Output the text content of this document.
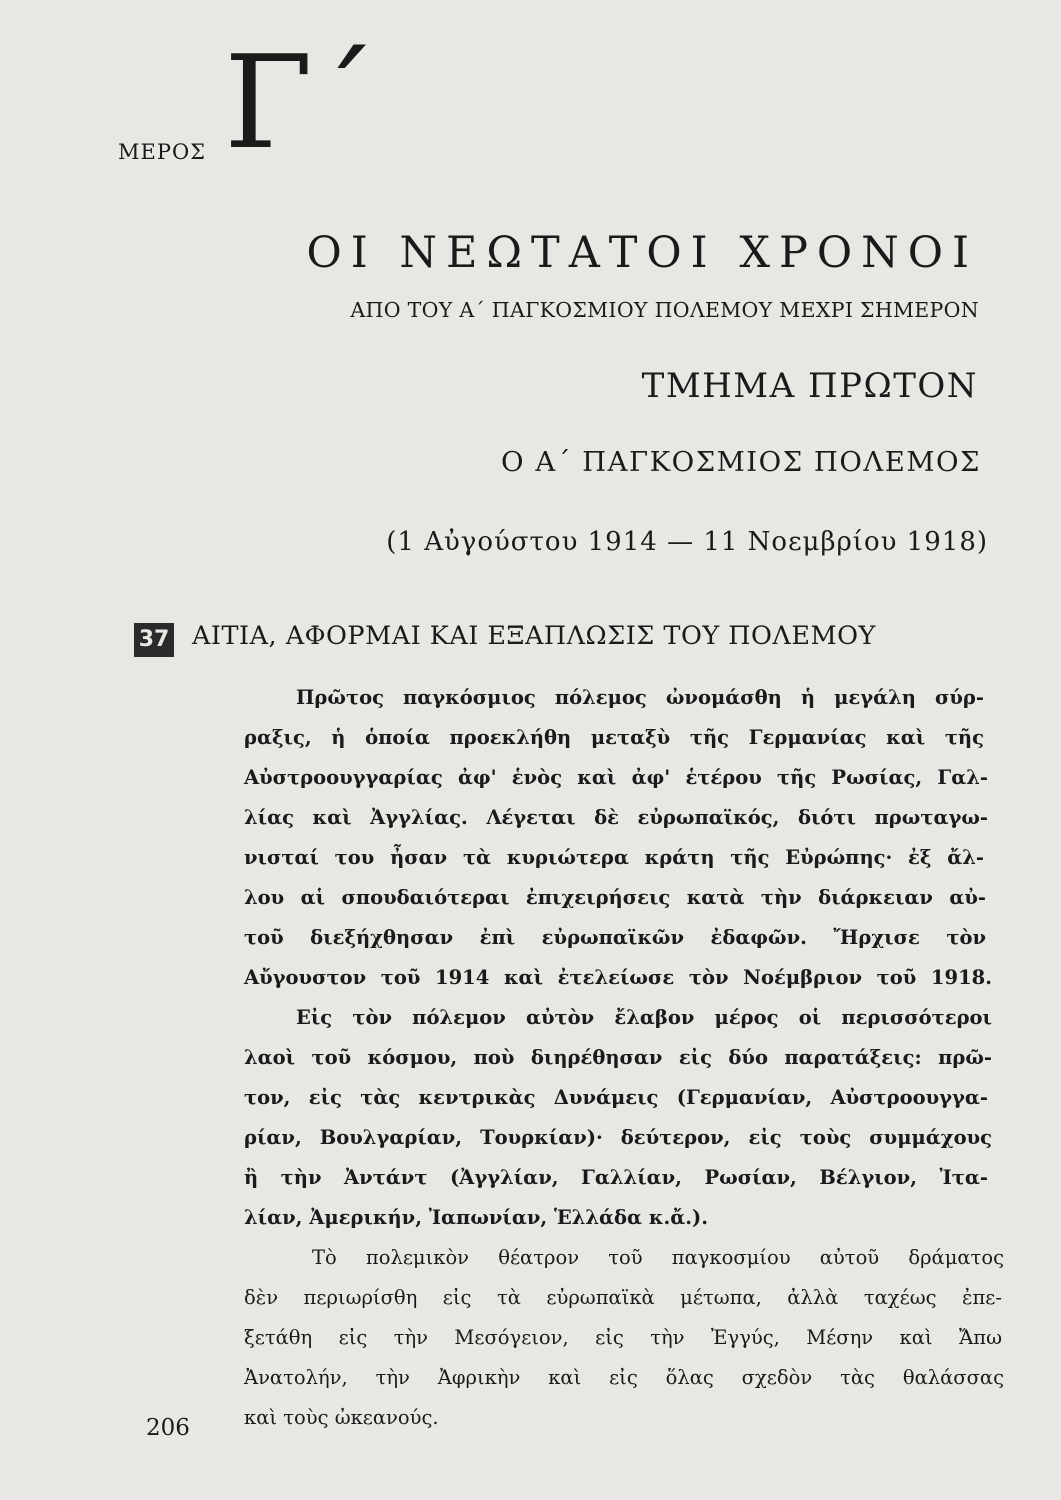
ΜΕΡΟΣ Γ΄
ΟΙ ΝΕΩΤΑΤΟΙ ΧΡΟΝΟΙ
ΑΠΟ ΤΟΥ Α΄ ΠΑΓΚΟΣΜΙΟΥ ΠΟΛΕΜΟΥ ΜΕΧΡΙ ΣΗΜΕΡΟΝ
ΤΜΗΜΑ ΠΡΩΤΟΝ
Ο Α΄ ΠΑΓΚΟΣΜΙΟΣ ΠΟΛΕΜΟΣ
(1 Αὐγούστου 1914 — 11 Νοεμβρίου 1918)
37 ΑΙΤΙΑ, ΑΦΟΡΜΑΙ ΚΑΙ ΕΞΑΠΛΩΣΙΣ ΤΟΥ ΠΟΛΕΜΟΥ
Πρῶτος παγκόσμιος πόλεμος ὠνομάσθη ἡ μεγάλη σύρ-
ραξις, ἡ ὁποία προεκλήθη μεταξὺ τῆς Γερμανίας καὶ τῆς
Αὐστροουγγαρίας ἀφ' ἑνὸς καὶ ἀφ' ἑτέρου τῆς Ρωσίας, Γαλ-
λίας καὶ Ἀγγλίας. Λέγεται δὲ εὐρωπαϊκός, διότι πρωταγω-
νισταί του ἦσαν τὰ κυριώτερα κράτη τῆς Εὐρώπης· ἐξ ἄλ-
λου αἱ σπουδαιότεραι ἐπιχειρήσεις κατὰ τὴν διάρκειαν αὐ-
τοῦ διεξήχθησαν ἐπὶ εὐρωπαϊκῶν ἐδαφῶν. Ἤρχισε τὸν
Αὔγουστον τοῦ 1914 καὶ ἐτελείωσε τὸν Νοέμβριον τοῦ 1918.
Εἰς τὸν πόλεμον αὐτὸν ἔλαβον μέρος οἱ περισσότεροι
λαοὶ τοῦ κόσμου, ποὺ διηρέθησαν εἰς δύο παρατάξεις: πρῶ-
τον, εἰς τὰς κεντρικὰς Δυνάμεις (Γερμανίαν, Αὐστροουγγα-
ρίαν, Βουλγαρίαν, Τουρκίαν)· δεύτερον, εἰς τοὺς συμμάχους
ἢ τὴν Ἀντάντ (Ἀγγλίαν, Γαλλίαν, Ρωσίαν, Βέλγιον, Ἰτα-
λίαν, Ἀμερικήν, Ἰαπωνίαν, Ἑλλάδα κ.ἄ.).
Τὸ πολεμικὸν θέατρον τοῦ παγκοσμίου αὐτοῦ δράματος
δὲν περιωρίσθη εἰς τὰ εὐρωπαϊκὰ μέτωπα, ἀλλὰ ταχέως ἐπε-
ξετάθη εἰς τὴν Μεσόγειον, εἰς τὴν Ἐγγύς, Μέσην καὶ Ἄπω
Ἀνατολήν, τὴν Ἀφρικὴν καὶ εἰς ὅλας σχεδὸν τὰς θαλάσσας
καὶ τοὺς ὠκεανούς.
206
